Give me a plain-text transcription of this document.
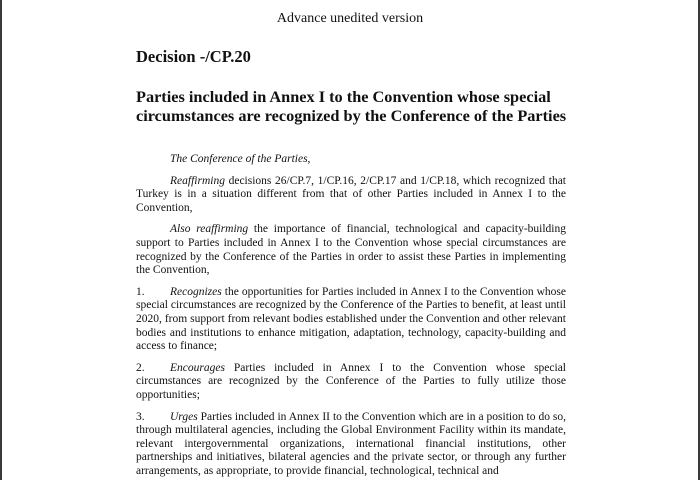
Advance unedited version
Decision -/CP.20
Parties included in Annex I to the Convention whose special circumstances are recognized by the Conference of the Parties

The Conference of the Parties,

Reaffirming decisions 26/CP.7, 1/CP.16, 2/CP.17 and 1/CP.18, which recognized that Turkey is in a situation different from that of other Parties included in Annex I to the Convention,

Also reaffirming the importance of financial, technological and capacity-building support to Parties included in Annex I to the Convention whose special circumstances are recognized by the Conference of the Parties in order to assist these Parties in implementing the Convention,

1. Recognizes the opportunities for Parties included in Annex I to the Convention whose special circumstances are recognized by the Conference of the Parties to benefit, at least until 2020, from support from relevant bodies established under the Convention and other relevant bodies and institutions to enhance mitigation, adaptation, technology, capacity-building and access to finance;

2. Encourages Parties included in Annex I to the Convention whose special circumstances are recognized by the Conference of the Parties to fully utilize those opportunities;

3. Urges Parties included in Annex II to the Convention which are in a position to do so, through multilateral agencies, including the Global Environment Facility within its mandate, relevant intergovernmental organizations, international financial institutions, other partnerships and initiatives, bilateral agencies and the private sector, or through any further arrangements, as appropriate, to provide financial, technological, technical and
